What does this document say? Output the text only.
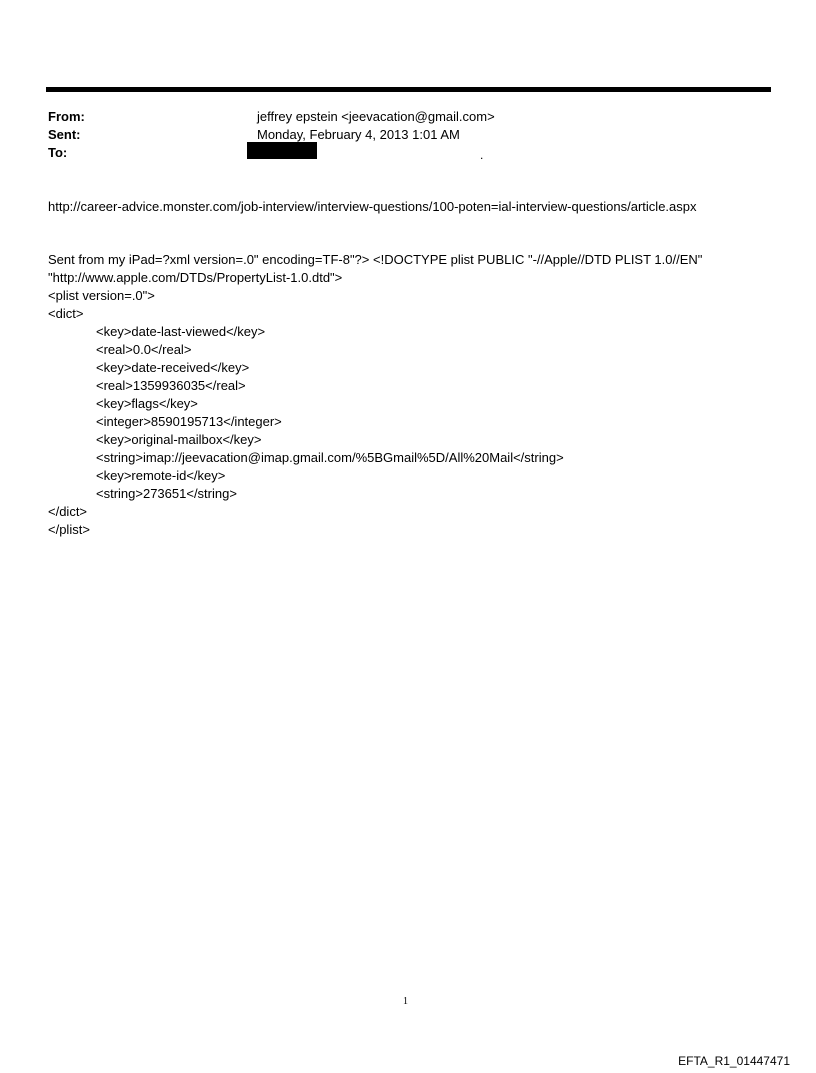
From:	jeffrey epstein <jeevacation@gmail.com>
Sent:	Monday, February 4, 2013 1:01 AM
To:	.
http://career-advice.monster.com/job-interview/interview-questions/100-poten=ial-interview-questions/article.aspx
Sent from my iPad=?xml version=.0" encoding=TF-8"?> <!DOCTYPE plist PUBLIC "-//Apple//DTD PLIST 1.0//EN"
"http://www.apple.com/DTDs/PropertyList-1.0.dtd">
<plist version=.0">
<dict>
<key>date-last-viewed</key>
<real>0.0</real>
<key>date-received</key>
<real>1359936035</real>
<key>flags</key>
<integer>8590195713</integer>
<key>original-mailbox</key>
<string>imap://jeevacation@imap.gmail.com/%5BGmail%5D/All%20Mail</string>
<key>remote-id</key>
<string>273651</string>
</dict>
</plist>
1
EFTA_R1_01447471
